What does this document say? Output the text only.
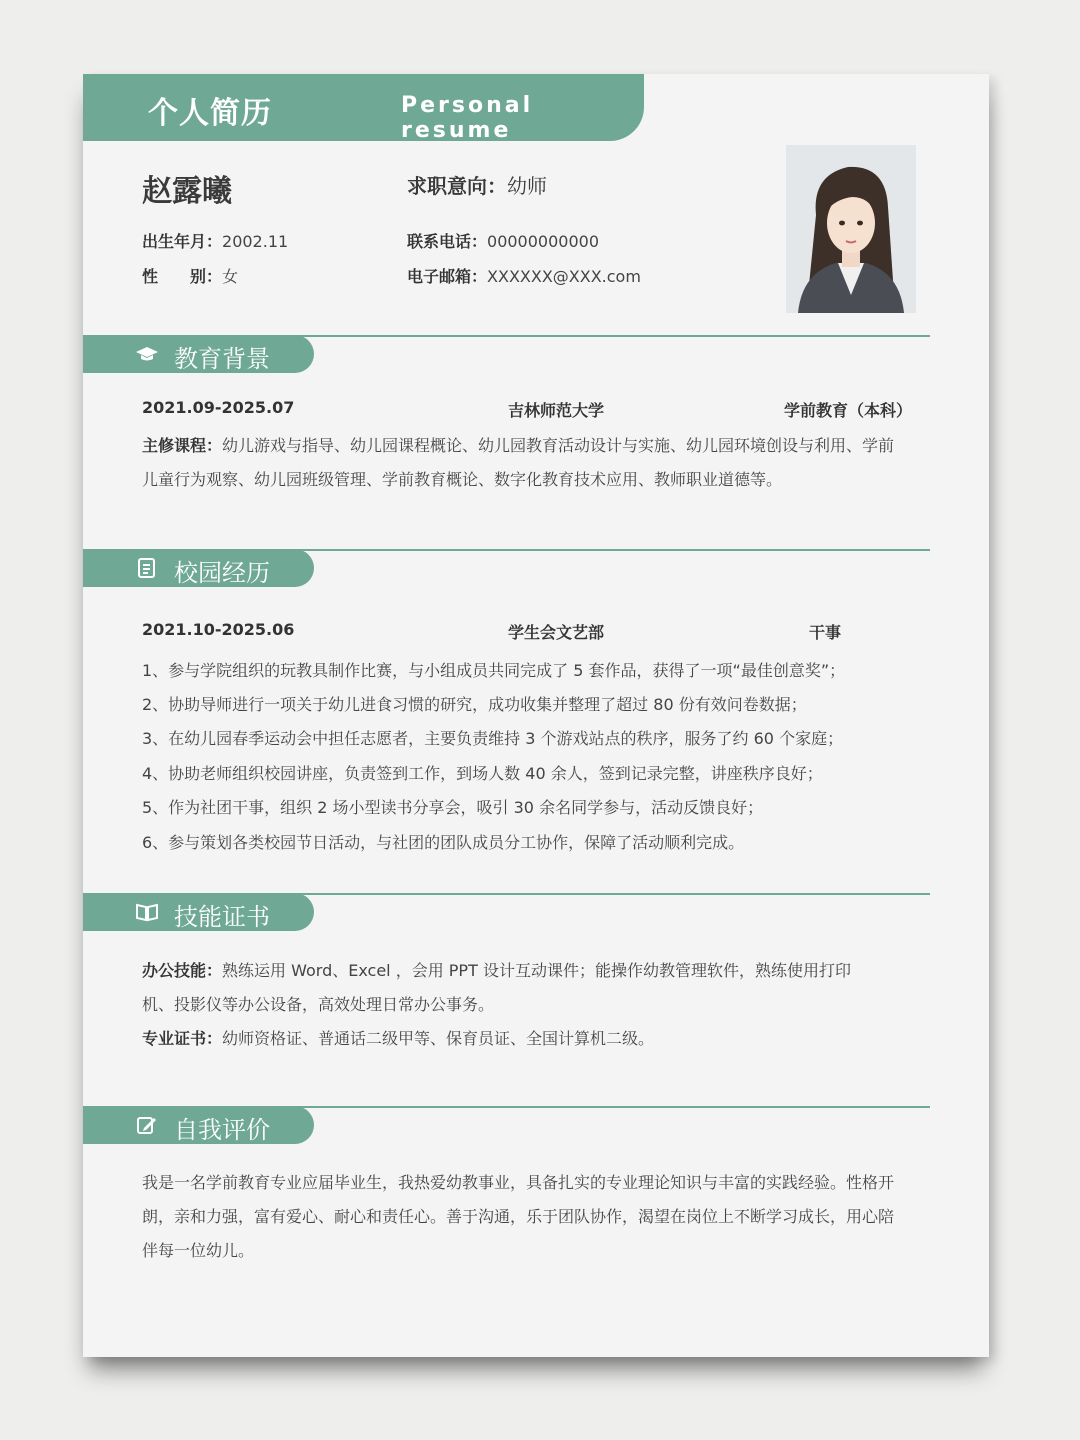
个人简历	Personal resume
赵露曦	求职意向：幼师
出生年月：2002.11
性　　别：女
联系电话：00000000000
电子邮箱：XXXXXX@XXX.com
教育背景
2021.09-2025.07	吉林师范大学	学前教育（本科）
主修课程：幼儿游戏与指导、幼儿园课程概论、幼儿园教育活动设计与实施、幼儿园环境创设与利用、学前
儿童行为观察、幼儿园班级管理、学前教育概论、数字化教育技术应用、教师职业道德等。
校园经历
2021.10-2025.06	学生会文艺部	干事
1、参与学院组织的玩教具制作比赛，与小组成员共同完成了 5 套作品，获得了一项“最佳创意奖”；
2、协助导师进行一项关于幼儿进食习惯的研究，成功收集并整理了超过 80 份有效问卷数据；
3、在幼儿园春季运动会中担任志愿者，主要负责维持 3 个游戏站点的秩序，服务了约 60 个家庭；
4、协助老师组织校园讲座，负责签到工作，到场人数 40 余人，签到记录完整，讲座秩序良好；
5、作为社团干事，组织 2 场小型读书分享会，吸引 30 余名同学参与，活动反馈良好；
6、参与策划各类校园节日活动，与社团的团队成员分工协作，保障了活动顺利完成。
技能证书
办公技能：熟练运用 Word、Excel ，会用 PPT 设计互动课件；能操作幼教管理软件，熟练使用打印
机、投影仪等办公设备，高效处理日常办公事务。
专业证书：幼师资格证、普通话二级甲等、保育员证、全国计算机二级。
自我评价
我是一名学前教育专业应届毕业生，我热爱幼教事业，具备扎实的专业理论知识与丰富的实践经验。性格开
朗，亲和力强，富有爱心、耐心和责任心。善于沟通，乐于团队协作，渴望在岗位上不断学习成长，用心陪
伴每一位幼儿。
